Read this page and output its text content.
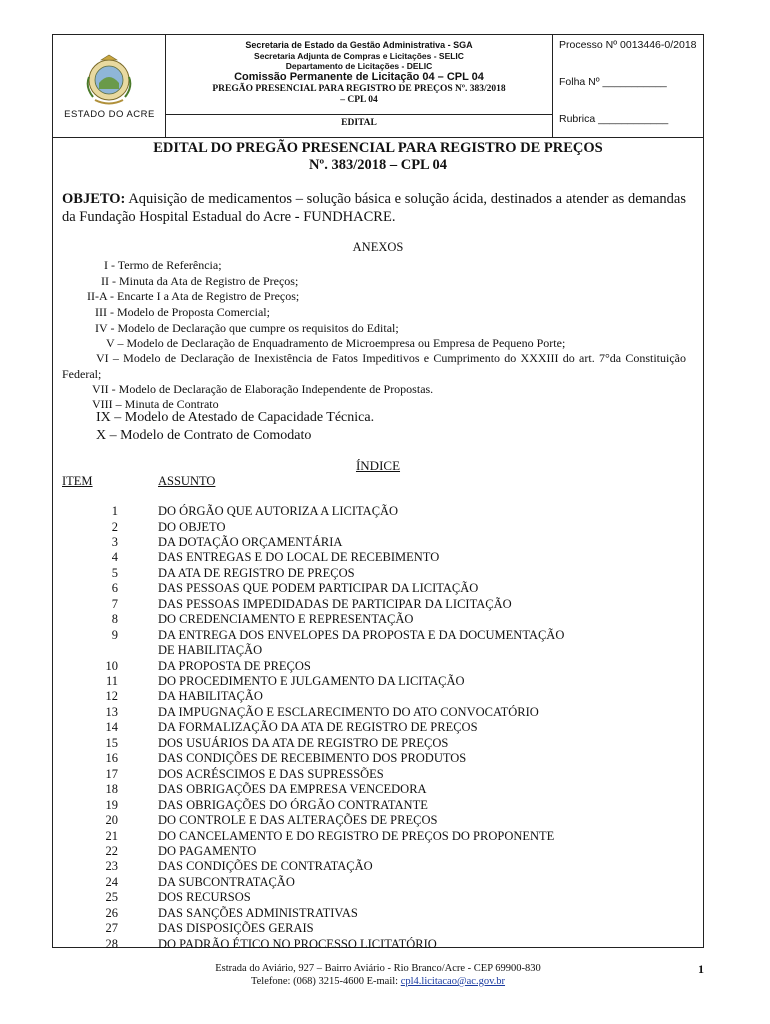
ESTADO DO ACRE
Secretaria de Estado da Gestão Administrativa - SGA
Secretaria Adjunta de Compras e Licitações - SELIC
Departamento de Licitações - DELIC
Comissão Permanente de Licitação 04 – CPL 04
PREGÃO PRESENCIAL PARA REGISTRO DE PREÇOS Nº. 383/2018
– CPL 04
EDITAL
Processo Nº 0013446-0/2018
Folha Nº ___________
Rubrica ____________
EDITAL DO PREGÃO PRESENCIAL PARA REGISTRO DE PREÇOS
Nº. 383/2018 – CPL 04
OBJETO: Aquisição de medicamentos – solução básica e solução ácida, destinados a atender as demandas da Fundação Hospital Estadual do Acre - FUNDHACRE.
ANEXOS
I - Termo de Referência;
II - Minuta da Ata de Registro de Preços;
II-A - Encarte I a Ata de Registro de Preços;
III - Modelo de Proposta Comercial;
IV - Modelo de Declaração que cumpre os requisitos do Edital;
V – Modelo de Declaração de Enquadramento de Microempresa ou Empresa de Pequeno Porte;
VI – Modelo de Declaração de Inexistência de Fatos Impeditivos e Cumprimento do XXXIII do art. 7°da Constituição Federal;
VII - Modelo de Declaração de Elaboração Independente de Propostas.
VIII – Minuta de Contrato
IX – Modelo de Atestado de Capacidade Técnica.
X – Modelo de Contrato de Comodato
ÍNDICE
ITEM	ASSUNTO
1	DO ÓRGÃO QUE AUTORIZA A LICITAÇÃO
2	DO OBJETO
3	DA DOTAÇÃO ORÇAMENTÁRIA
4	DAS ENTREGAS E DO LOCAL DE RECEBIMENTO
5	DA ATA DE REGISTRO DE PREÇOS
6	DAS PESSOAS QUE PODEM PARTICIPAR DA LICITAÇÃO
7	DAS PESSOAS IMPEDIDADAS DE PARTICIPAR DA LICITAÇÃO
8	DO CREDENCIAMENTO E REPRESENTAÇÃO
9	DA ENTREGA DOS ENVELOPES DA PROPOSTA E DA DOCUMENTAÇÃO
DE HABILITAÇÃO
10	DA PROPOSTA DE PREÇOS
11	DO PROCEDIMENTO E JULGAMENTO DA LICITAÇÃO
12	DA HABILITAÇÃO
13	DA IMPUGNAÇÃO E ESCLARECIMENTO DO ATO CONVOCATÓRIO
14	DA FORMALIZAÇÃO DA ATA DE REGISTRO DE PREÇOS
15	DOS USUÁRIOS DA ATA DE REGISTRO DE PREÇOS
16	DAS CONDIÇÕES DE RECEBIMENTO DOS PRODUTOS
17	DOS ACRÉSCIMOS E DAS SUPRESSÕES
18	DAS OBRIGAÇÕES DA EMPRESA VENCEDORA
19	DAS OBRIGAÇÕES DO ÓRGÃO CONTRATANTE
20	DO CONTROLE E DAS ALTERAÇÕES DE PREÇOS
21	DO CANCELAMENTO E DO REGISTRO DE PREÇOS DO PROPONENTE
22	DO PAGAMENTO
23	DAS CONDIÇÕES DE CONTRATAÇÃO
24	DA SUBCONTRATAÇÃO
25	DOS RECURSOS
26	DAS SANÇÕES ADMINISTRATIVAS
27	DAS DISPOSIÇÕES GERAIS
28	DO PADRÃO ÉTICO NO PROCESSO LICITATÓRIO
Estrada do Aviário, 927 – Bairro Aviário - Rio Branco/Acre - CEP 69900-830
Telefone: (068) 3215-4600 E-mail: cpl4.licitacao@ac.gov.br
1
